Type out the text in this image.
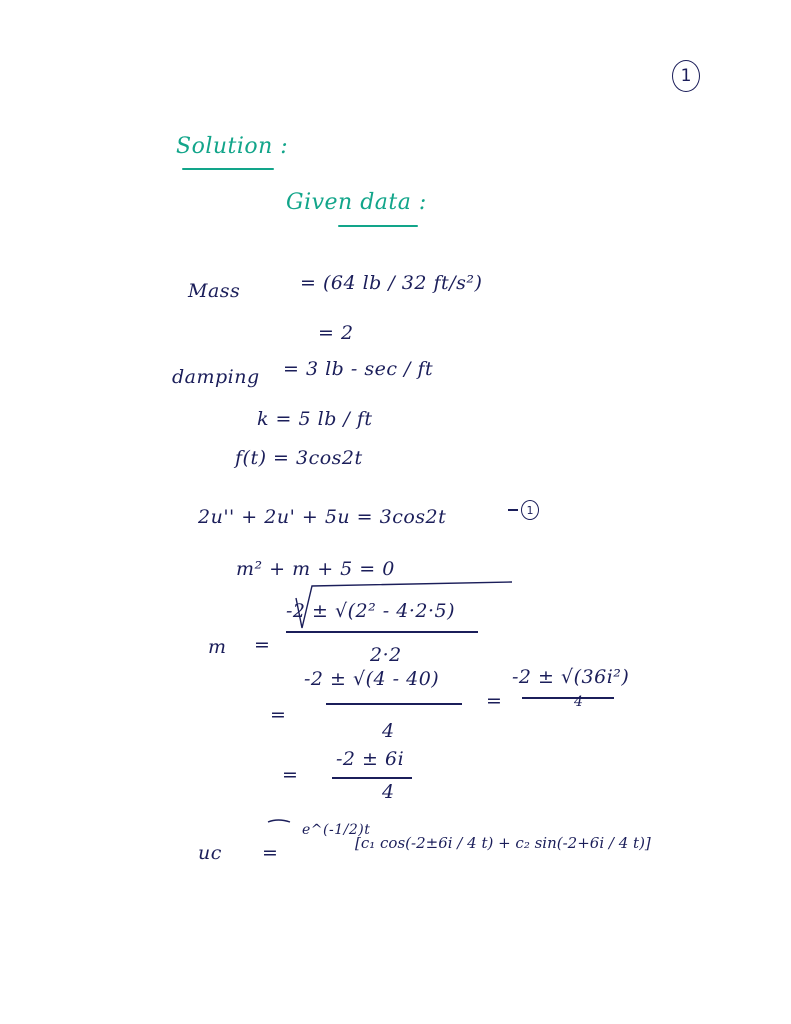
1
Solution :
Given data :
Mass	= (64 lb / 32 ft/s²)
= 2
damping = 3 lb - sec / ft
k = 5 lb / ft
f(t) = 3cos2t
2u'' + 2u' + 5u = 3cos2t	1
m² + m + 5 = 0
m =
-2 ± √(2² - 4·2·5)
2·2
=
-2 ± √(4 - 40)
4
=
-2 ± √(36i²)
4
=
-2 ± 6i
4
uc =
e^(-1/2)t
[c₁ cos(-2±6i / 4 t) + c₂ sin(-2+6i / 4 t)]
